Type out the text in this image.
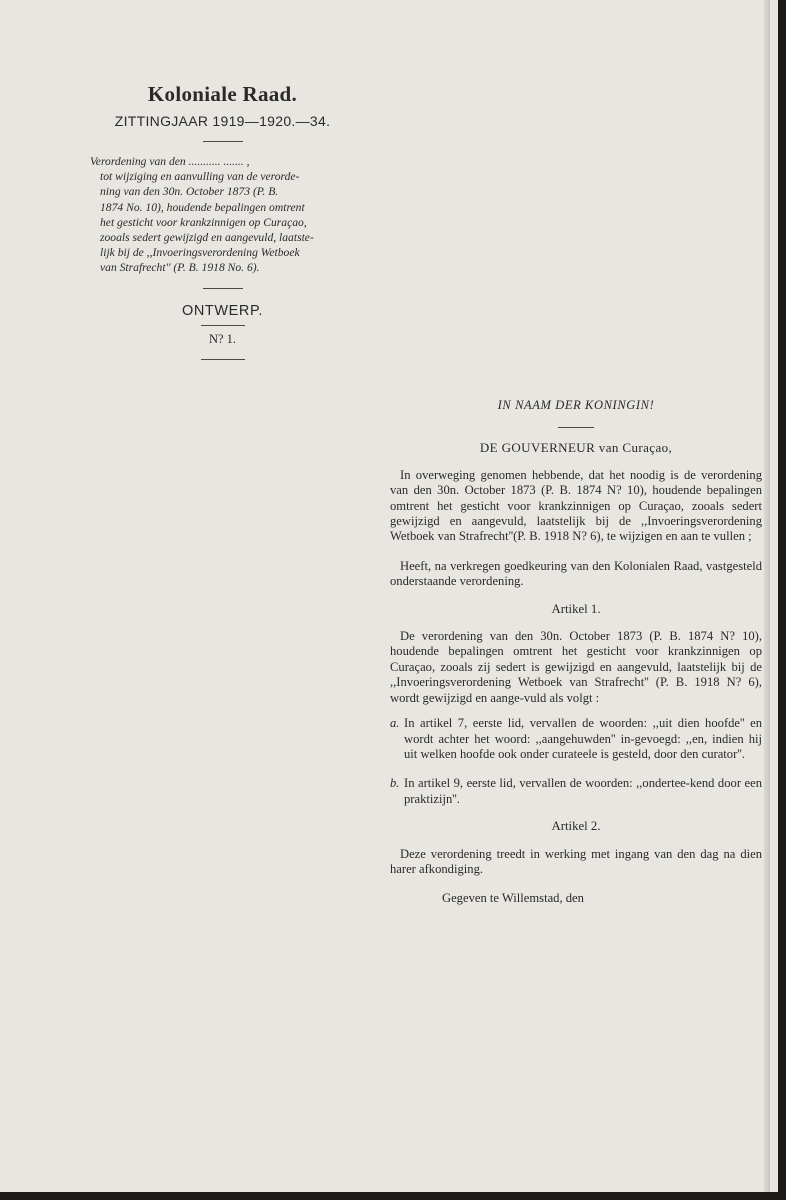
Koloniale Raad.
ZITTINGJAAR 1919—1920.—34.
Verordening van den ........... ....... ,
tot wijziging en aanvulling van de verorde-
ning van den 30n. October 1873 (P. B.
1874 No. 10), houdende bepalingen omtrent
het gesticht voor krankzinnigen op Curaçao,
zooals sedert gewijzigd en aangevuld, laatste-
lijk bij de ,,Invoeringsverordening Wetboek
van Strafrecht'' (P. B. 1918 No. 6).
ONTWERP.
N? 1.
IN NAAM DER KONINGIN!
DE GOUVERNEUR van Curaçao,

In overweging genomen hebbende, dat het noodig is de verordening van den 30n. October 1873 (P. B. 1874 N? 10), houdende bepalingen omtrent het gesticht voor krankzinnigen op Curaçao, zooals sedert gewijzigd en aangevuld, laatstelijk bij de ,,Invoeringsverordening Wetboek van Strafrecht''(P. B. 1918 N? 6), te wijzigen en aan te vullen ;

Heeft, na verkregen goedkeuring van den Kolonialen Raad, vastgesteld onderstaande verordening.

Artikel 1.

De verordening van den 30n. October 1873 (P. B. 1874 N? 10), houdende bepalingen omtrent het gesticht voor krankzinnigen op Curaçao, zooals zij sedert is gewijzigd en aangevuld, laatstelijk bij de ,,Invoeringsverordening Wetboek van Strafrecht'' (P. B. 1918 N? 6), wordt gewijzigd en aange-vuld als volgt :

a. In artikel 7, eerste lid, vervallen de woorden: ,,uit dien hoofde'' en wordt achter het woord: ,,aangehuwden'' in-gevoegd: ,,en, indien hij uit welken hoofde ook onder curateele is gesteld, door den curator''.
b. In artikel 9, eerste lid, vervallen de woorden: ,,ondertee-kend door een praktizijn''.
Artikel 2.

Deze verordening treedt in werking met ingang van den dag na dien harer afkondiging.

Gegeven te Willemstad, den
